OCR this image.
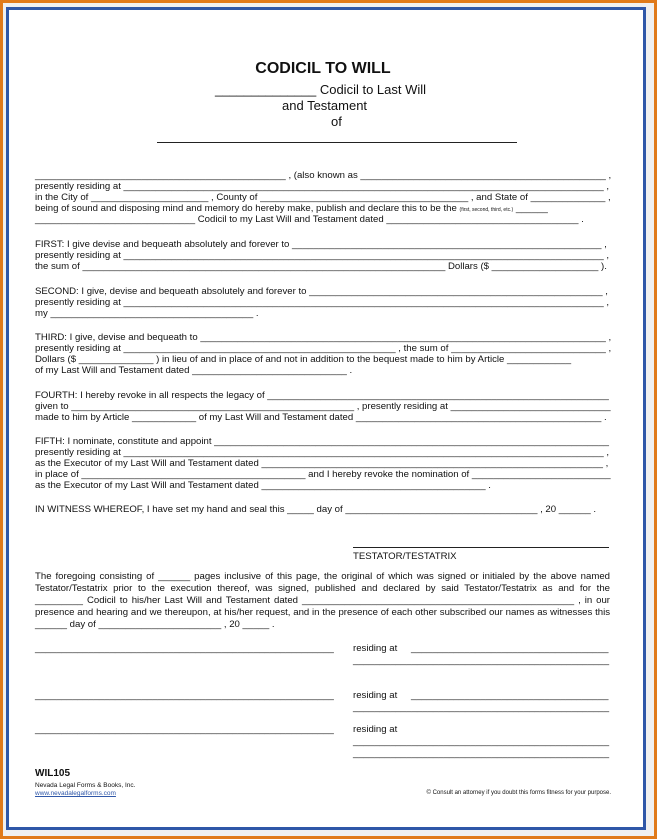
CODICIL TO WILL
______________ Codicil to Last Will
and Testament
of
_______________________________________________ , (also known as ______________________________________________ ,
presently residing at __________________________________________________________________________________________ ,
in the City of ______________________ , County of _______________________________________ , and State of ______________ ,
being of sound and disposing mind and memory do hereby make, publish and declare this to be the (first, second, third, etc.) ______
______________________________ Codicil to my Last Will and Testament dated ____________________________________ .
FIRST: I give devise and bequeath absolutely and forever to __________________________________________________________ ,
presently residing at __________________________________________________________________________________________ ,
the sum of ____________________________________________________________________ Dollars ($ ____________________ ).
SECOND: I give, devise and bequeath absolutely and forever to _______________________________________________________ ,
presently residing at __________________________________________________________________________________________ ,
my ______________________________________ .
THIRD: I give, devise and bequeath to ____________________________________________________________________________ ,
presently residing at ___________________________________________________ , the sum of _____________________________ ,
Dollars ($ ______________ ) in lieu of and in place of and not in addition to the bequest made to him by Article ____________
of my Last Will and Testament dated _____________________________ .
FOURTH: I hereby revoke in all respects the legacy of ________________________________________________________________
given to _____________________________________________________ , presently residing at ______________________________
made to him by Article ____________ of my Last Will and Testament dated ______________________________________________ .
FIFTH: I nominate, constitute and appoint __________________________________________________________________________
presently residing at __________________________________________________________________________________________ ,
as the Executor of my Last Will and Testament dated ________________________________________________________________ ,
in place of __________________________________________ and I hereby revoke the nomination of __________________________
as the Executor of my Last Will and Testament dated __________________________________________ .
IN WITNESS WHEREOF, I have set my hand and seal this _____ day of ____________________________________ , 20 ______ .
TESTATOR/TESTATRIX
The foregoing consisting of ______ pages inclusive of this page, the original of which was signed or initialed by the above named Testator/Testatrix prior to the execution thereof, was signed, published and declared by said Testator/Testatrix as and for the _________ Codicil to his/her Last Will and Testament dated ___________________________________________________ , in our presence and hearing and we thereupon, at his/her request, and in the presence of each other subscribed our names as witnesses this ______ day of _______________________ , 20 _____ .
________________________________________________________ residing at _____________________________________
________________________________________________
________________________________________________________ residing at _____________________________________
________________________________________________
________________________________________________________ residing at
________________________________________________
________________________________________________
WIL105
Nevada Legal Forms & Books, Inc.
www.nevadalegalforms.com	© Consult an attorney if you doubt this forms fitness for your purpose.
